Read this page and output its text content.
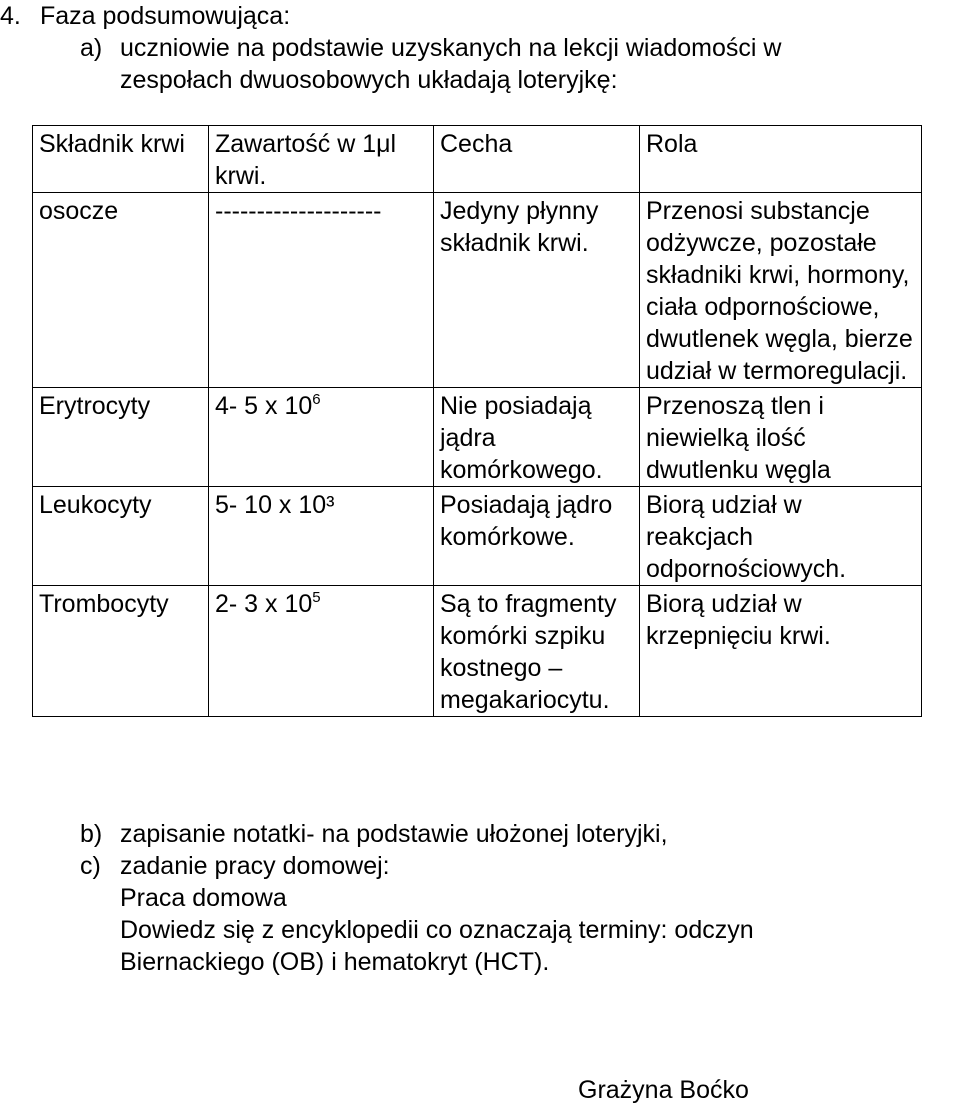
4. Faza podsumowująca:
a) uczniowie na podstawie uzyskanych na lekcji wiadomości w
zespołach dwuosobowych układają loteryjkę:
Składnik krwi	Zawartość w 1μl krwi.	Cecha	Rola
osocze	--------------------	Jedyny płynny składnik krwi.	Przenosi substancje odżywcze, pozostałe składniki krwi, hormony, ciała odpornościowe, dwutlenek węgla, bierze udział w termoregulacji.
Erytrocyty	4- 5 x $10^6$	Nie posiadają jądra komórkowego.	Przenoszą tlen i niewielką ilość dwutlenku węgla
Leukocyty	5- 10 x 10³	Posiadają jądro komórkowe.	Biorą udział w reakcjach odpornościowych.
Trombocyty	2- 3 x $10^5$	Są to fragmenty komórki szpiku kostnego – megakariocytu.	Biorą udział w krzepnięciu krwi.
b) zapisanie notatki- na podstawie ułożonej loteryjki,
c) zadanie pracy domowej:
Praca domowa
Dowiedz się z encyklopedii co oznaczają terminy: odczyn
Biernackiego (OB) i hematokryt (HCT).
Grażyna Boćko
